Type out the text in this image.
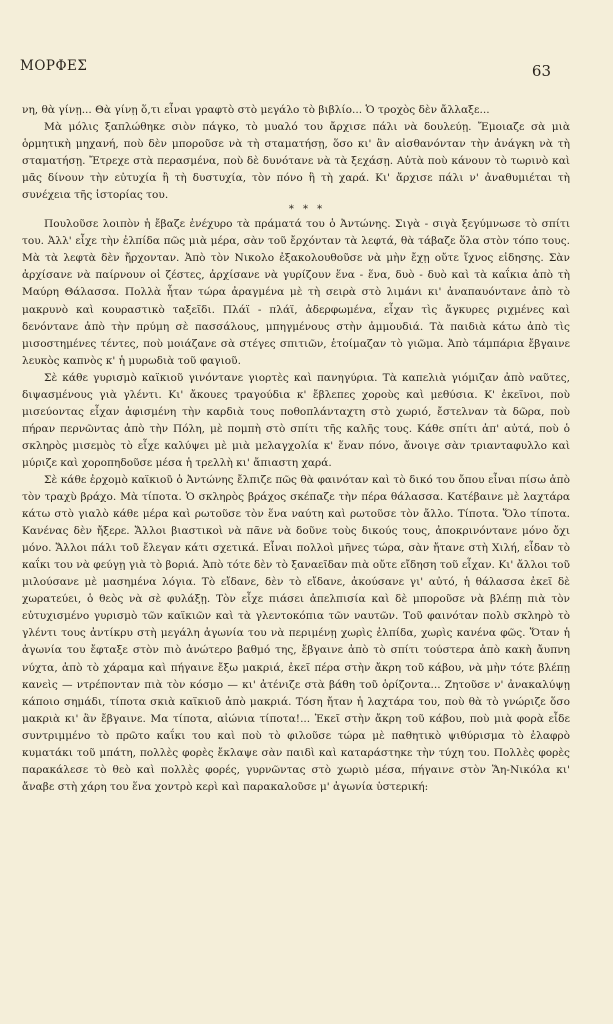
ΜΟΡΦΕΣ	63

νη, θὰ γίνῃ... Θὰ γίνῃ ὅ,τι εἶναι γραφτὸ στὸ μεγάλο τὸ βιβλίο... Ὁ τροχὸς δὲν ἄλλαξε...

Μὰ μόλις ξαπλώθηκε σιὸν πάγκο, τὸ μυαλό του ἄρχισε πάλι νὰ δουλεύῃ. Ἔμοιαζε σὰ μιὰ ὁρμητικὴ μηχανή, ποὺ δὲν μποροῦσε νὰ τὴ σταματήσῃ, ὅσο κι' ἂν αἰσθανόνταν τὴν ἀνάγκη νὰ τὴ σταματήσῃ. Ἔτρεχε στὰ περασμένα, ποὺ δὲ δυνότανε νὰ τὰ ξεχάσῃ. Αὐτὰ ποὺ κάνουν τὸ τωρινὸ καὶ μᾶς δίνουν τὴν εὐτυχία ἢ τὴ δυστυχία, τὸν πόνο ἢ τὴ χαρά. Κι' ἄρχισε πάλι ν' ἀναθυμιέται τὴ συνέχεια τῆς ἱστορίας του.

* * *

Πουλοῦσε λοιπὸν ἡ ἔβαζε ἐνέχυρο τὰ πράματά του ὁ Ἀντώνης. Σιγὰ - σιγὰ ξεγύμνωσε τὸ σπίτι του. Ἀλλ' εἶχε τὴν ἐλπίδα πῶς μιὰ μέρα, σὰν τοῦ ἔρχόνταν τὰ λεφτά, θὰ τάβαζε ὅλα στὸν τόπο τους. Μὰ τὰ λεφτὰ δὲν ἤρχονταν. Ἀπὸ τὸν Νικολο ἐξακολουθοῦσε νὰ μὴν ἔχῃ οὔτε ἴχνος εἰδησης. Σὰν ἀρχίσανε νὰ παίρνουν οἱ ζέστες, ἀρχίσανε νὰ γυρίζουν ἕνα - ἕνα, δυὸ - δυὸ καὶ τὰ καΐκια ἀπὸ τὴ Μαύρη Θάλασσα. Πολλὰ ἦταν τώρα ἀραγμένα μὲ τὴ σειρὰ στὸ λιμάνι κι' ἀναπαυόντανε ἀπὸ τὸ μακρυνὸ καὶ κουραστικὸ ταξεῖδι. Πλάϊ - πλάϊ, ἀδερφωμένα, εἶχαν τὶς ἄγκυρες ριχμένες καὶ δενόντανε ἀπὸ τὴν πρύμη σὲ πασσάλους, μπηγμένους στὴν ἀμμουδιά. Τὰ παιδιὰ κάτω ἀπὸ τὶς μισοστημένες τέντες, ποὺ μοιάζανε σὰ στέγες σπιτιῶν, ἑτοίμαζαν τὸ γιῶμα. Ἀπὸ τάμπάρια ἔβγαινε λευκὸς καπνὸς κ' ἡ μυρωδιὰ τοῦ φαγιοῦ.

Σὲ κάθε γυρισμὸ καϊκιοῦ γινόντανε γιορτὲς καὶ πανηγύρια. Τὰ καπελιὰ γιόμιζαν ἀπὸ ναῦτες, διψασμένους γιὰ γλέντι. Κι' ἄκουες τραγούδια κ' ἔβλεπες χοροὺς καὶ μεθύσια. Κ' ἐκεῖνοι, ποὺ μισεύοντας εἶχαν ἀφισμένη τὴν καρδιὰ τους ποθοπλάνταχτη στὸ χωριό, ἔστελναν τὰ δῶρα, ποὺ πήραν περνῶντας ἀπὸ τὴν Πόλη, μὲ πομπὴ στὸ σπίτι τῆς καλῆς τους. Κάθε σπίτι ἀπ' αὐτά, ποὺ ὁ σκληρὸς μισεμὸς τὸ εἶχε καλύψει μὲ μιὰ μελαγχολία κ' ἕναν πόνο, ἄνοιγε σὰν τριανταφυλλο καὶ μύριζε καὶ χοροπηδοῦσε μέσα ἡ τρελλὴ κι' ἄπιαστη χαρά.

Σὲ κάθε ἐρχομὸ καϊκιοῦ ὁ Ἀντώνης ἔλπιζε πῶς θὰ φαινόταν καὶ τὸ δικό του ὄπου εἶναι πίσω ἀπὸ τὸν τραχὺ βράχο. Μὰ τίποτα. Ὁ σκληρὸς βράχος σκέπαζε τὴν πέρα θάλασσα. Κατέβαινε μὲ λαχτάρα κάτω στὸ γιαλὸ κάθε μέρα καὶ ρωτοῦσε τὸν ἕνα ναύτη καὶ ρωτοῦσε τὸν ἄλλο. Τίποτα. Ὅλο τίποτα. Κανένας δὲν ἤξερε. Ἄλλοι βιαστικοὶ νὰ πᾶνε νὰ δοῦνε τοὺς δικούς τους, ἀποκρινόντανε μόνο ὄχι μόνο. Ἄλλοι πάλι τοῦ ἔλεγαν κάτι σχετικά. Εἶναι πολλοὶ μῆνες τώρα, σὰν ἤτανε στὴ Χιλή, εἶδαν τὸ καΐκι του νὰ φεύγῃ γιὰ τὸ βοριά. Ἀπὸ τότε δὲν τὸ ξαναεῖδαν πιὰ οὔτε εἴδηση τοῦ εἶχαν. Κι' ἄλλοι τοῦ μιλούσανε μὲ μασημένα λόγια. Τὸ εἴδανε, δὲν τὸ εἴδανε, ἀκούσανε γι' αὐτό, ἡ θάλασσα ἐκεῖ δὲ χωρατεύει, ὁ θεὸς νὰ σὲ φυλάξῃ. Τὸν εἶχε πιάσει ἀπελπισία καὶ δὲ μποροῦσε νὰ βλέπῃ πιὰ τὸν εὐτυχισμένο γυρισμὸ τῶν καϊκιῶν καὶ τὰ γλεντοκόπια τῶν ναυτῶν. Τοῦ φαινόταν πολὺ σκληρὸ τὸ γλέντι τους ἀντίκρυ στὴ μεγάλη ἀγωνία του νὰ περιμένῃ χωρὶς ἐλπίδα, χωρὶς κανένα φῶς. Ὅταν ἡ ἀγωνία του ἔφταξε στὸν πιὸ ἀνώτερο βαθμό της, ἔβγαινε ἀπὸ τὸ σπίτι τούστερα ἀπὸ κακὴ ἄυπνη νύχτα, ἀπὸ τὸ χάραμα καὶ πήγαινε ἔξω μακριά, ἐκεῖ πέρα στὴν ἄκρη τοῦ κάβου, νὰ μὴν τότε βλέπῃ κανεὶς — ντρέπονταν πιὰ τὸν κόσμο — κι' ἀτένιζε στὰ βάθη τοῦ ὁρίζοντα... Ζητοῦσε ν' ἀνακαλύψῃ κάποιο σημάδι, τίποτα σκιὰ καϊκιοῦ ἀπὸ μακριά. Τόση ἤταν ἡ λαχτάρα του, ποὺ θὰ τὸ γνώριζε ὅσο μακριὰ κι' ἂν ἔβγαινε. Μα τίποτα, αἰώνια τίποτα!... Ἐκεῖ στὴν ἄκρη τοῦ κάβου, ποὺ μιὰ φορὰ εἶδε συντριμμένο τὸ πρῶτο καΐκι του καὶ ποὺ τὸ φιλοῦσε τώρα μὲ παθητικὸ ψιθύρισμα τὸ ἐλαφρὸ κυματάκι τοῦ μπάτη, πολλὲς φορὲς ἔκλαψε σὰν παιδὶ καὶ καταράστηκε τὴν τύχη του. Πολλὲς φορὲς παρακάλεσε τὸ θεὸ καὶ πολλὲς φορές, γυρνῶντας στὸ χωριὸ μέσα, πήγαινε στὸν Ἅη-Νικόλα κι' ἄναβε στὴ χάρη του ἕνα χοντρὸ κερὶ καὶ παρακαλοῦσε μ' ἀγωνία ὑστερική:
